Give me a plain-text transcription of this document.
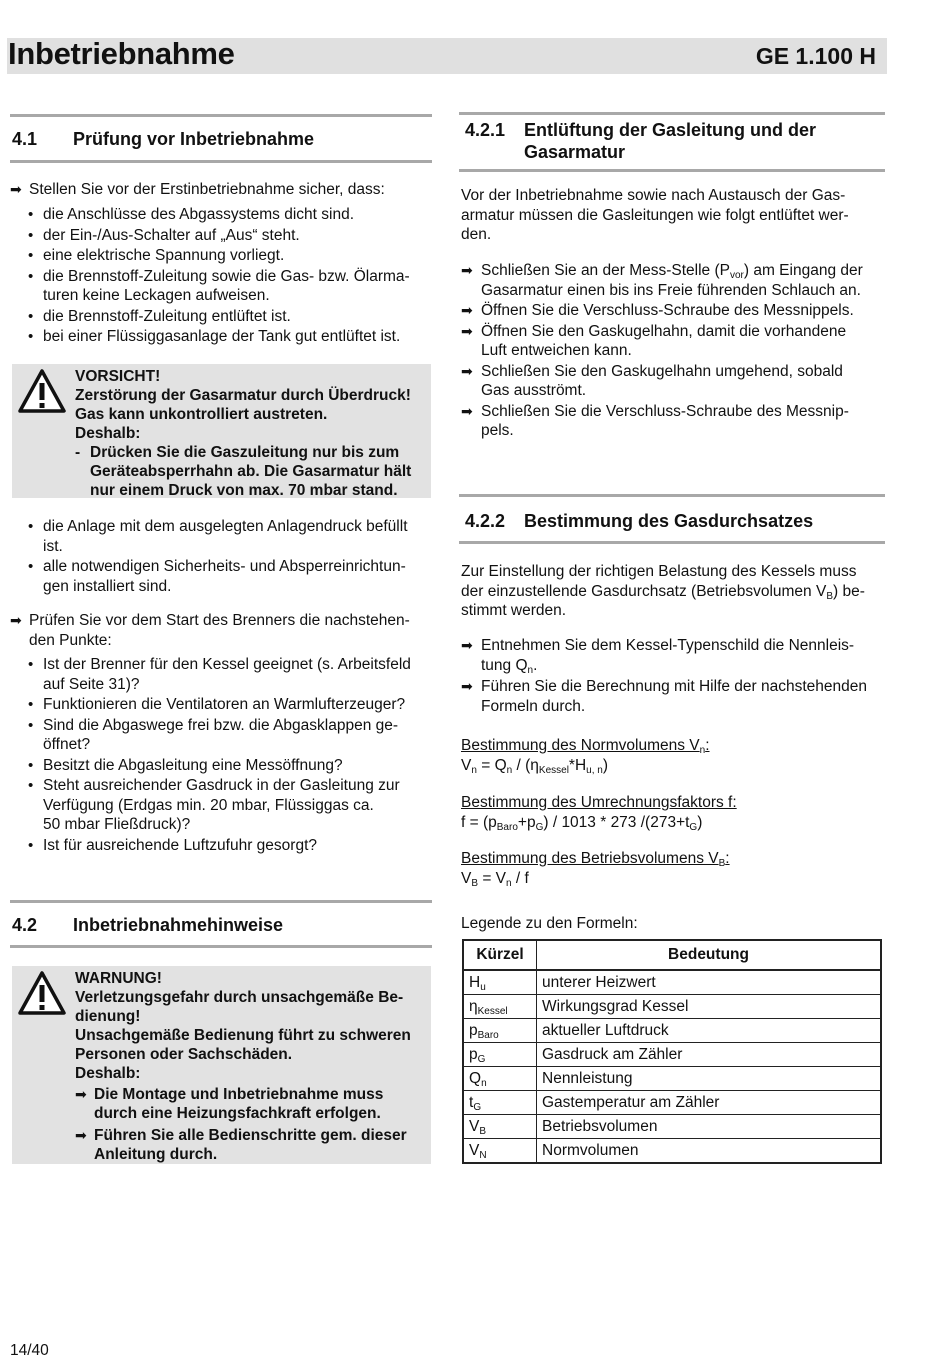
Inbetriebnahme	GE 1.100 H
4.1 Prüfung vor Inbetriebnahme
➡ Stellen Sie vor der Erstinbetriebnahme sicher, dass:
• die Anschlüsse des Abgassystems dicht sind.
• der Ein-/Aus-Schalter auf „Aus“ steht.
• eine elektrische Spannung vorliegt.
• die Brennstoff-Zuleitung sowie die Gas- bzw. Ölarma-
turen keine Leckagen aufweisen.
• die Brennstoff-Zuleitung entlüftet ist.
• bei einer Flüssiggasanlage der Tank gut entlüftet ist.
VORSICHT!
Zerstörung der Gasarmatur durch Überdruck!
Gas kann unkontrolliert austreten.
Deshalb:
- Drücken Sie die Gaszuleitung nur bis zum
Geräteabsperrhahn ab. Die Gasarmatur hält
nur einem Druck von max. 70 mbar stand.
• die Anlage mit dem ausgelegten Anlagendruck befüllt
ist.
• alle notwendigen Sicherheits- und Absperreinrichtun-
gen installiert sind.
➡ Prüfen Sie vor dem Start des Brenners die nachstehen-
den Punkte:
• Ist der Brenner für den Kessel geeignet (s. Arbeitsfeld
auf Seite 31)?
• Funktionieren die Ventilatoren an Warmlufterzeuger?
• Sind die Abgaswege frei bzw. die Abgasklappen ge-
öffnet?
• Besitzt die Abgasleitung eine Messöffnung?
• Steht ausreichender Gasdruck in der Gasleitung zur
Verfügung (Erdgas min. 20 mbar, Flüssiggas ca.
50 mbar Fließdruck)?
• Ist für ausreichende Luftzufuhr gesorgt?
4.2 Inbetriebnahmehinweise
WARNUNG!
Verletzungsgefahr durch unsachgemäße Be-
dienung!
Unsachgemäße Bedienung führt zu schweren
Personen oder Sachschäden.
Deshalb:
➡ Die Montage und Inbetriebnahme muss
durch eine Heizungsfachkraft erfolgen.
➡ Führen Sie alle Bedienschritte gem. dieser
Anleitung durch.
4.2.1 Entlüftung der Gasleitung und der
Gasarmatur
Vor der Inbetriebnahme sowie nach Austausch der Gas-
armatur müssen die Gasleitungen wie folgt entlüftet wer-
den.
➡ Schließen Sie an der Mess-Stelle $(P_{vor})$ am Eingang der
Gasarmatur einen bis ins Freie führenden Schlauch an.
➡ Öffnen Sie die Verschluss-Schraube des Messnippels.
➡ Öffnen Sie den Gaskugelhahn, damit die vorhandene
Luft entweichen kann.
➡ Schließen Sie den Gaskugelhahn umgehend, sobald
Gas ausströmt.
➡ Schließen Sie die Verschluss-Schraube des Messnip-
pels.
4.2.2 Bestimmung des Gasdurchsatzes
Zur Einstellung der richtigen Belastung des Kessels muss
der einzustellende Gasdurchsatz (Betriebsvolumen $V_B$) be-
stimmt werden.
➡ Entnehmen Sie dem Kessel-Typenschild die Nennleis-
tung $Q_n$.
➡ Führen Sie die Berechnung mit Hilfe der nachstehenden
Formeln durch.
Bestimmung des Normvolumens $V_n$:
$V_n = Q_n / (\eta_{Kessel}*H_{u, n})$
Bestimmung des Umrechnungsfaktors f:
$f = (p_{Baro}+p_G) / 1013 * 273$ $/(273+t_G)$
Bestimmung des Betriebsvolumens $V_B$:
$V_B = V_n / f$
Legende zu den Formeln:
Kürzel	Bedeutung
$H_u$	unterer Heizwert
$\eta_{Kessel}$	Wirkungsgrad Kessel
$p_{Baro}$	aktueller Luftdruck
$p_G$	Gasdruck am Zähler
$Q_n$	Nennleistung
$t_G$	Gastemperatur am Zähler
$V_B$	Betriebsvolumen
$V_N$	Normvolumen
14/40
